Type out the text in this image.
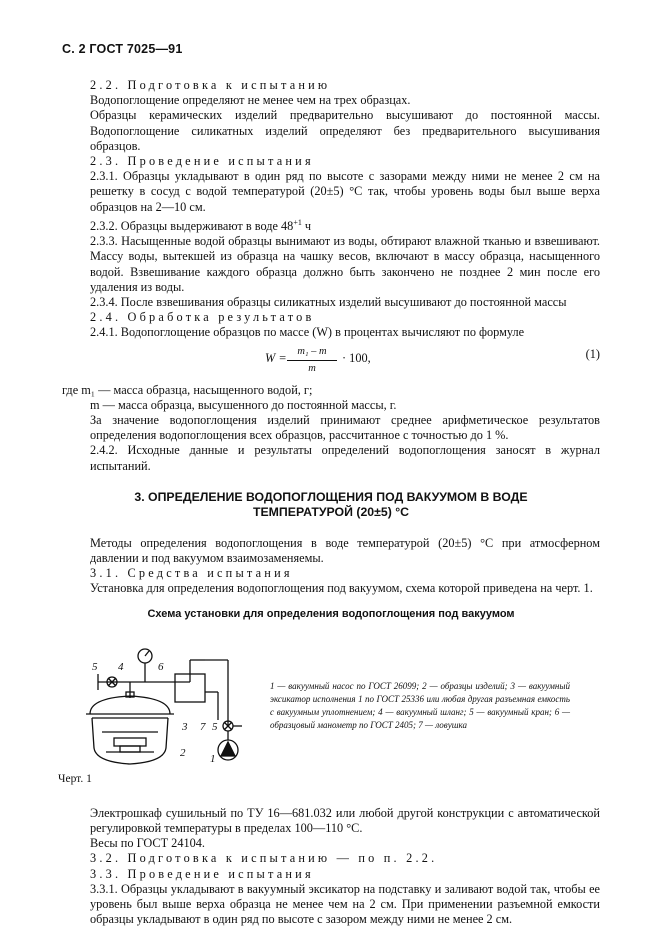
С. 2 ГОСТ 7025—91

2.2. Подготовка к испытанию

Водопоглощение определяют не менее чем на трех образцах.

Образцы керамических изделий предварительно высушивают до постоянной массы. Водопоглощение силикатных изделий определяют без предварительного высушивания образцов.

2.3. Проведение испытания

2.3.1. Образцы укладывают в один ряд по высоте с зазорами между ними не менее 2 см на решетку в сосуд с водой температурой (20±5) °С так, чтобы уровень воды был выше верха образцов на 2—10 см.

2.3.2. Образцы выдерживают в воде $48^{+1}$ ч

2.3.3. Насыщенные водой образцы вынимают из воды, обтирают влажной тканью и взвешивают. Массу воды, вытекшей из образца на чашку весов, включают в массу образца, насыщенного водой. Взвешивание каждого образца должно быть закончено не позднее 2 мин после его удаления из воды.

2.3.4. После взвешивания образцы силикатных изделий высушивают до постоянной массы

2.4. Обработка результатов

2.4.1. Водопоглощение образцов по массе (W) в процентах вычисляют по формуле

$W = \frac{\text{m₁ – m}}{m} \cdot 100$,	(1)

где m₁ — масса образца, насыщенного водой, г;

m — масса образца, высушенного до постоянной массы, г.

За значение водопоглощения изделий принимают среднее арифметическое результатов определения водопоглощения всех образцов, рассчитанное с точностью до 1 %.

2.4.2. Исходные данные и результаты определений водопоглощения заносят в журнал испытаний.

3. ОПРЕДЕЛЕНИЕ ВОДОПОГЛОЩЕНИЯ ПОД ВАКУУМОМ В ВОДЕ
ТЕМПЕРАТУРОЙ (20±5) °С

Методы определения водопоглощения в воде температурой (20±5) °С при атмосферном давлении и под вакуумом взаимозаменяемы.

3.1. Средства испытания

Установка для определения водопоглощения под вакуумом, схема которой приведена на черт. 1.

Схема установки для определения водопоглощения под вакуумом
5 4	6
3 7 5
2 1
1 — вакуумный насос по ГОСТ 26099; 2 — образцы изделий; 3 — вакуумный эксикатор исполнения 1 по ГОСТ 25336 или любая другая разъемная емкость с вакуумным уплотнением; 4 — вакуумный шланг; 5 — вакуумный кран; 6 — образцовый манометр по ГОСТ 2405; 7 — ловушка
Черт. 1

Электрошкаф сушильный по ТУ 16—681.032 или любой другой конструкции с автоматической регулировкой температуры в пределах 100—110 °С.

Весы по ГОСТ 24104.

3.2. Подготовка к испытанию — по п. 2.2.

3.3. Проведение испытания

3.3.1. Образцы укладывают в вакуумный эксикатор на подставку и заливают водой так, чтобы ее уровень был выше верха образца не менее чем на 2 см. При применении разъемной емкости образцы укладывают в один ряд по высоте с зазором между ними не менее 2 см.
